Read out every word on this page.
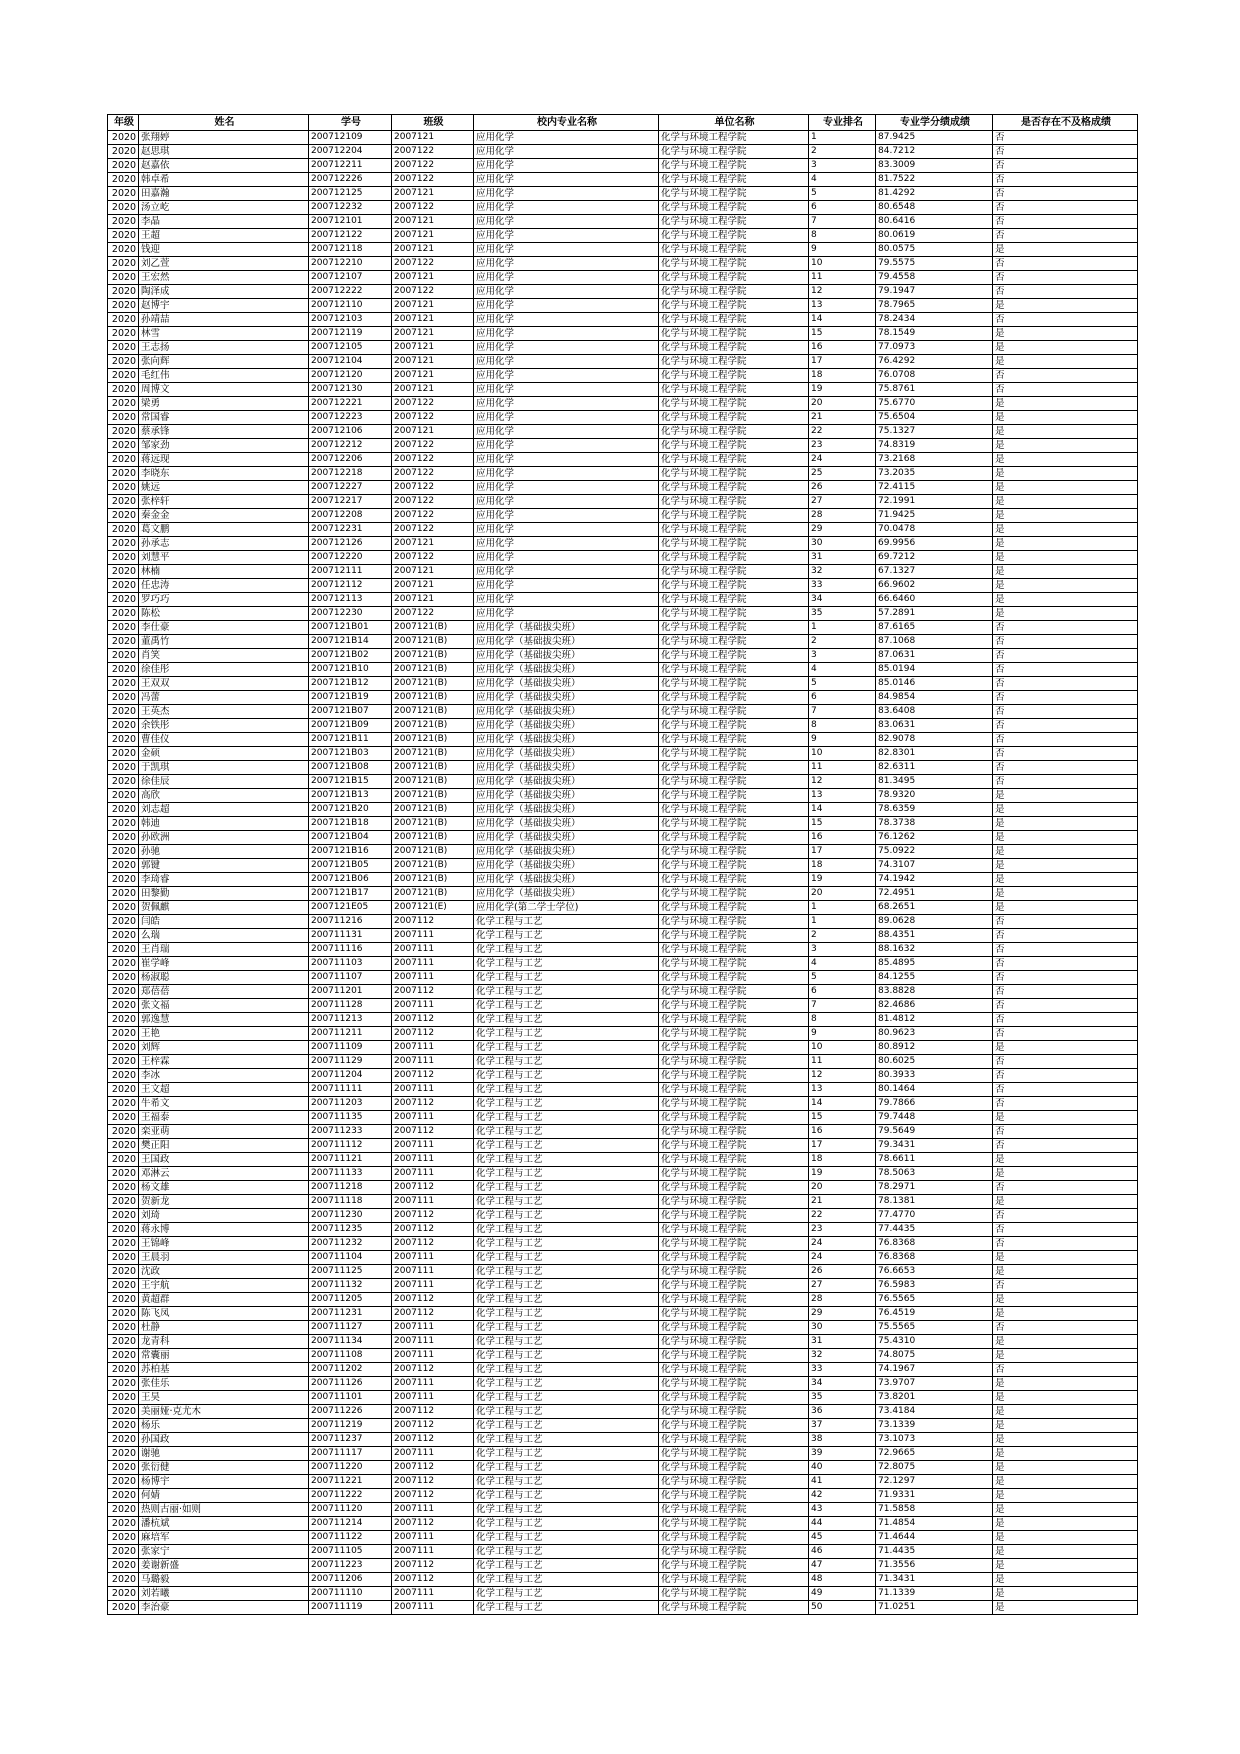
年级	姓名	学号	班级	校内专业名称	单位名称	专业排名	专业学分绩成绩	是否存在不及格成绩
2020	张翔婷	200712109	2007121	应用化学	化学与环境工程学院	1	87.9425	否
2020	赵思琪	200712204	2007122	应用化学	化学与环境工程学院	2	84.7212	否
2020	赵嘉依	200712211	2007122	应用化学	化学与环境工程学院	3	83.3009	否
2020	韩卓希	200712226	2007122	应用化学	化学与环境工程学院	4	81.7522	否
2020	田嘉瀚	200712125	2007121	应用化学	化学与环境工程学院	5	81.4292	否
2020	汤立屹	200712232	2007122	应用化学	化学与环境工程学院	6	80.6548	否
2020	李晶	200712101	2007121	应用化学	化学与环境工程学院	7	80.6416	否
2020	王超	200712122	2007121	应用化学	化学与环境工程学院	8	80.0619	否
2020	钱迎	200712118	2007121	应用化学	化学与环境工程学院	9	80.0575	是
2020	刘乙萱	200712210	2007122	应用化学	化学与环境工程学院	10	79.5575	否
2020	王宏然	200712107	2007121	应用化学	化学与环境工程学院	11	79.4558	否
2020	陶泽成	200712222	2007122	应用化学	化学与环境工程学院	12	79.1947	否
2020	赵博宇	200712110	2007121	应用化学	化学与环境工程学院	13	78.7965	是
2020	孙靖喆	200712103	2007121	应用化学	化学与环境工程学院	14	78.2434	否
2020	林雪	200712119	2007121	应用化学	化学与环境工程学院	15	78.1549	是
2020	王志扬	200712105	2007121	应用化学	化学与环境工程学院	16	77.0973	是
2020	张向辉	200712104	2007121	应用化学	化学与环境工程学院	17	76.4292	是
2020	毛红伟	200712120	2007121	应用化学	化学与环境工程学院	18	76.0708	否
2020	周博文	200712130	2007121	应用化学	化学与环境工程学院	19	75.8761	否
2020	梁勇	200712221	2007122	应用化学	化学与环境工程学院	20	75.6770	是
2020	常国睿	200712223	2007122	应用化学	化学与环境工程学院	21	75.6504	是
2020	蔡承锋	200712106	2007121	应用化学	化学与环境工程学院	22	75.1327	是
2020	邹家劲	200712212	2007122	应用化学	化学与环境工程学院	23	74.8319	是
2020	蒋远现	200712206	2007122	应用化学	化学与环境工程学院	24	73.2168	是
2020	李晓东	200712218	2007122	应用化学	化学与环境工程学院	25	73.2035	是
2020	姚远	200712227	2007122	应用化学	化学与环境工程学院	26	72.4115	是
2020	张梓轩	200712217	2007122	应用化学	化学与环境工程学院	27	72.1991	是
2020	秦金金	200712208	2007122	应用化学	化学与环境工程学院	28	71.9425	是
2020	葛文鹏	200712231	2007122	应用化学	化学与环境工程学院	29	70.0478	是
2020	孙承志	200712126	2007121	应用化学	化学与环境工程学院	30	69.9956	是
2020	刘慧平	200712220	2007122	应用化学	化学与环境工程学院	31	69.7212	是
2020	林楠	200712111	2007121	应用化学	化学与环境工程学院	32	67.1327	是
2020	任忠涛	200712112	2007121	应用化学	化学与环境工程学院	33	66.9602	是
2020	罗巧巧	200712113	2007121	应用化学	化学与环境工程学院	34	66.6460	是
2020	陈松	200712230	2007122	应用化学	化学与环境工程学院	35	57.2891	是
2020	李仕豪	2007121B01	2007121(B)	应用化学（基础拔尖班）	化学与环境工程学院	1	87.6165	否
2020	董禹竹	2007121B14	2007121(B)	应用化学（基础拔尖班）	化学与环境工程学院	2	87.1068	否
2020	肖笑	2007121B02	2007121(B)	应用化学（基础拔尖班）	化学与环境工程学院	3	87.0631	否
2020	徐佳彤	2007121B10	2007121(B)	应用化学（基础拔尖班）	化学与环境工程学院	4	85.0194	否
2020	王双双	2007121B12	2007121(B)	应用化学（基础拔尖班）	化学与环境工程学院	5	85.0146	否
2020	冯蕾	2007121B19	2007121(B)	应用化学（基础拔尖班）	化学与环境工程学院	6	84.9854	否
2020	王英杰	2007121B07	2007121(B)	应用化学（基础拔尖班）	化学与环境工程学院	7	83.6408	否
2020	余铁彤	2007121B09	2007121(B)	应用化学（基础拔尖班）	化学与环境工程学院	8	83.0631	否
2020	曹佳仪	2007121B11	2007121(B)	应用化学（基础拔尖班）	化学与环境工程学院	9	82.9078	否
2020	金硕	2007121B03	2007121(B)	应用化学（基础拔尖班）	化学与环境工程学院	10	82.8301	否
2020	于凯琪	2007121B08	2007121(B)	应用化学（基础拔尖班）	化学与环境工程学院	11	82.6311	否
2020	徐佳辰	2007121B15	2007121(B)	应用化学（基础拔尖班）	化学与环境工程学院	12	81.3495	否
2020	高欣	2007121B13	2007121(B)	应用化学（基础拔尖班）	化学与环境工程学院	13	78.9320	是
2020	刘志超	2007121B20	2007121(B)	应用化学（基础拔尖班）	化学与环境工程学院	14	78.6359	是
2020	韩迪	2007121B18	2007121(B)	应用化学（基础拔尖班）	化学与环境工程学院	15	78.3738	是
2020	孙欧洲	2007121B04	2007121(B)	应用化学（基础拔尖班）	化学与环境工程学院	16	76.1262	是
2020	孙驰	2007121B16	2007121(B)	应用化学（基础拔尖班）	化学与环境工程学院	17	75.0922	是
2020	郭键	2007121B05	2007121(B)	应用化学（基础拔尖班）	化学与环境工程学院	18	74.3107	是
2020	李琦睿	2007121B06	2007121(B)	应用化学（基础拔尖班）	化学与环境工程学院	19	74.1942	是
2020	田黎勤	2007121B17	2007121(B)	应用化学（基础拔尖班）	化学与环境工程学院	20	72.4951	是
2020	贺佩麒	2007121E05	2007121(E)	应用化学(第二学士学位)	化学与环境工程学院	1	68.2651	是
2020	闫皓	200711216	2007112	化学工程与工艺	化学与环境工程学院	1	89.0628	否
2020	么瑞	200711131	2007111	化学工程与工艺	化学与环境工程学院	2	88.4351	否
2020	王肖瑞	200711116	2007111	化学工程与工艺	化学与环境工程学院	3	88.1632	否
2020	崔学峰	200711103	2007111	化学工程与工艺	化学与环境工程学院	4	85.4895	否
2020	杨淑聪	200711107	2007111	化学工程与工艺	化学与环境工程学院	5	84.1255	否
2020	郑蓓蓓	200711201	2007112	化学工程与工艺	化学与环境工程学院	6	83.8828	否
2020	张文福	200711128	2007111	化学工程与工艺	化学与环境工程学院	7	82.4686	否
2020	郭逸慧	200711213	2007112	化学工程与工艺	化学与环境工程学院	8	81.4812	否
2020	王艳	200711211	2007112	化学工程与工艺	化学与环境工程学院	9	80.9623	否
2020	刘辉	200711109	2007111	化学工程与工艺	化学与环境工程学院	10	80.8912	是
2020	王梓霖	200711129	2007111	化学工程与工艺	化学与环境工程学院	11	80.6025	否
2020	李冰	200711204	2007112	化学工程与工艺	化学与环境工程学院	12	80.3933	否
2020	王文超	200711111	2007111	化学工程与工艺	化学与环境工程学院	13	80.1464	否
2020	牛希文	200711203	2007112	化学工程与工艺	化学与环境工程学院	14	79.7866	否
2020	王福泰	200711135	2007111	化学工程与工艺	化学与环境工程学院	15	79.7448	是
2020	栾亚萌	200711233	2007112	化学工程与工艺	化学与环境工程学院	16	79.5649	否
2020	樊正阳	200711112	2007111	化学工程与工艺	化学与环境工程学院	17	79.3431	否
2020	王国政	200711121	2007111	化学工程与工艺	化学与环境工程学院	18	78.6611	是
2020	邓淋云	200711133	2007111	化学工程与工艺	化学与环境工程学院	19	78.5063	是
2020	杨文雄	200711218	2007112	化学工程与工艺	化学与环境工程学院	20	78.2971	否
2020	贺新龙	200711118	2007111	化学工程与工艺	化学与环境工程学院	21	78.1381	是
2020	刘琦	200711230	2007112	化学工程与工艺	化学与环境工程学院	22	77.4770	否
2020	蒋永博	200711235	2007112	化学工程与工艺	化学与环境工程学院	23	77.4435	否
2020	王锦峰	200711232	2007112	化学工程与工艺	化学与环境工程学院	24	76.8368	否
2020	王晨羽	200711104	2007111	化学工程与工艺	化学与环境工程学院	24	76.8368	是
2020	沈政	200711125	2007111	化学工程与工艺	化学与环境工程学院	26	76.6653	是
2020	王宇航	200711132	2007111	化学工程与工艺	化学与环境工程学院	27	76.5983	否
2020	黄超群	200711205	2007112	化学工程与工艺	化学与环境工程学院	28	76.5565	是
2020	陈飞凤	200711231	2007112	化学工程与工艺	化学与环境工程学院	29	76.4519	是
2020	杜静	200711127	2007111	化学工程与工艺	化学与环境工程学院	30	75.5565	否
2020	龙青科	200711134	2007111	化学工程与工艺	化学与环境工程学院	31	75.4310	是
2020	常囊丽	200711108	2007111	化学工程与工艺	化学与环境工程学院	32	74.8075	是
2020	苏柏基	200711202	2007112	化学工程与工艺	化学与环境工程学院	33	74.1967	否
2020	张佳乐	200711126	2007111	化学工程与工艺	化学与环境工程学院	34	73.9707	是
2020	王昊	200711101	2007111	化学工程与工艺	化学与环境工程学院	35	73.8201	是
2020	美丽娅·克尤木	200711226	2007112	化学工程与工艺	化学与环境工程学院	36	73.4184	是
2020	杨乐	200711219	2007112	化学工程与工艺	化学与环境工程学院	37	73.1339	是
2020	孙国政	200711237	2007112	化学工程与工艺	化学与环境工程学院	38	73.1073	是
2020	谢驰	200711117	2007111	化学工程与工艺	化学与环境工程学院	39	72.9665	是
2020	张衍健	200711220	2007112	化学工程与工艺	化学与环境工程学院	40	72.8075	是
2020	杨博宇	200711221	2007112	化学工程与工艺	化学与环境工程学院	41	72.1297	是
2020	何婧	200711222	2007112	化学工程与工艺	化学与环境工程学院	42	71.9331	是
2020	热则古丽·如则	200711120	2007111	化学工程与工艺	化学与环境工程学院	43	71.5858	是
2020	潘杭斌	200711214	2007112	化学工程与工艺	化学与环境工程学院	44	71.4854	是
2020	麻培军	200711122	2007111	化学工程与工艺	化学与环境工程学院	45	71.4644	是
2020	张家宁	200711105	2007111	化学工程与工艺	化学与环境工程学院	46	71.4435	是
2020	姜谢新盛	200711223	2007112	化学工程与工艺	化学与环境工程学院	47	71.3556	是
2020	马璐毅	200711206	2007112	化学工程与工艺	化学与环境工程学院	48	71.3431	是
2020	刘若曦	200711110	2007111	化学工程与工艺	化学与环境工程学院	49	71.1339	是
2020	李治豪	200711119	2007111	化学工程与工艺	化学与环境工程学院	50	71.0251	是
